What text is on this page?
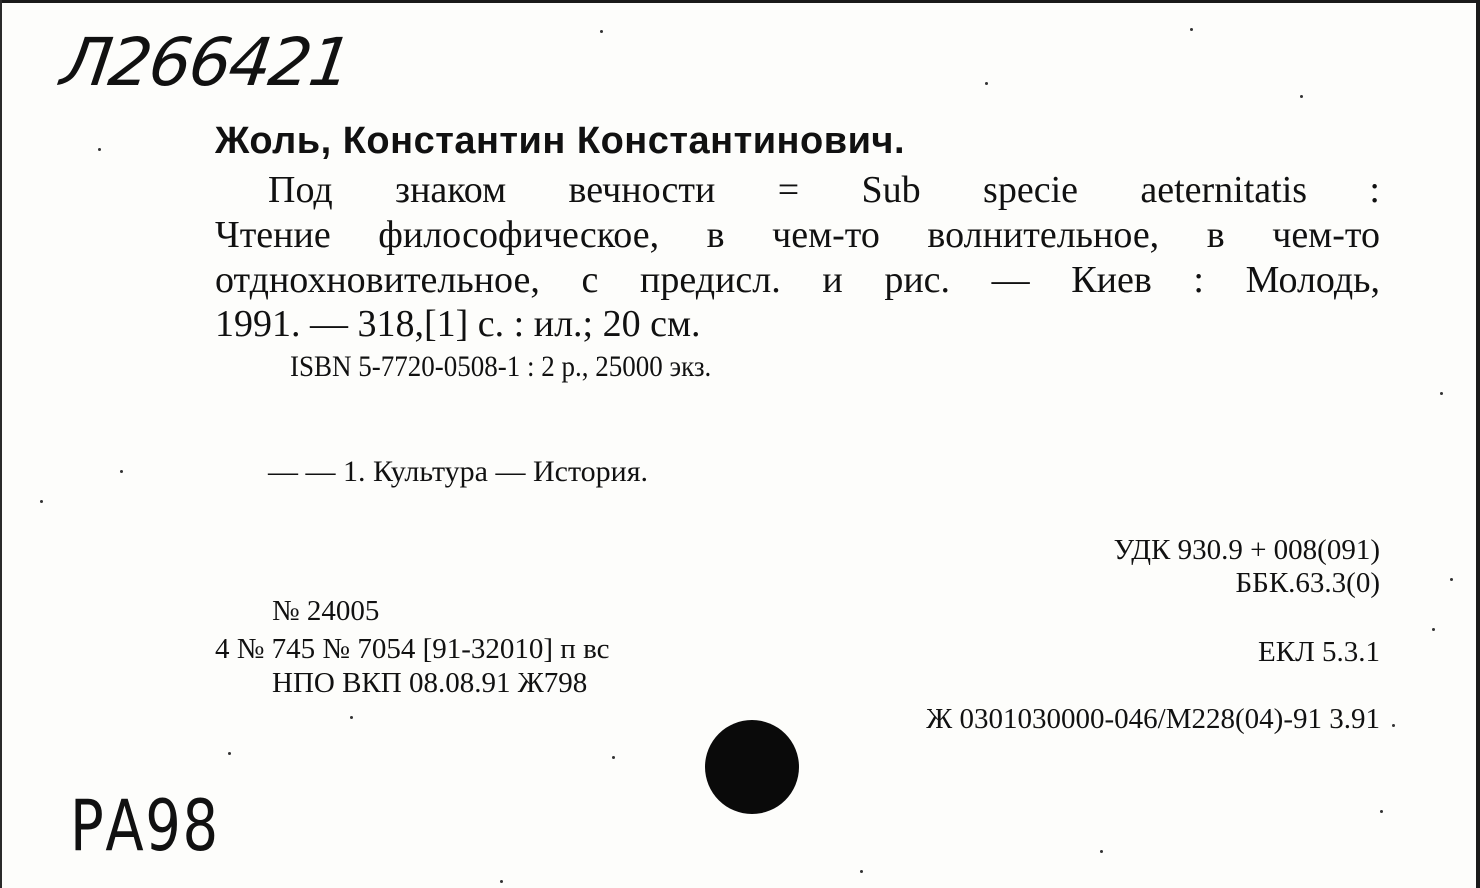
Л266421
Жоль, Константин Константинович.
Под знаком вечности = Sub specie aeternitatis :
Чтение философическое, в чем-то волнительное, в чем-то
отднохновительное, с предисл. и рис. — Киев : Молодь,
1991. — 318,[1] с. : ил.; 20 см.
ISBN 5-7720-0508-1 : 2 р., 25000 экз.
— — 1. Культура — История.
УДК 930.9 + 008(091)
ББК.63.3(0)
ЕКЛ 5.3.1
Ж 0301030000-046/М228(04)-91 3.91
№ 24005
4 № 745 № 7054 [91-32010] п вс
НПО ВКП 08.08.91 Ж798
РА98
